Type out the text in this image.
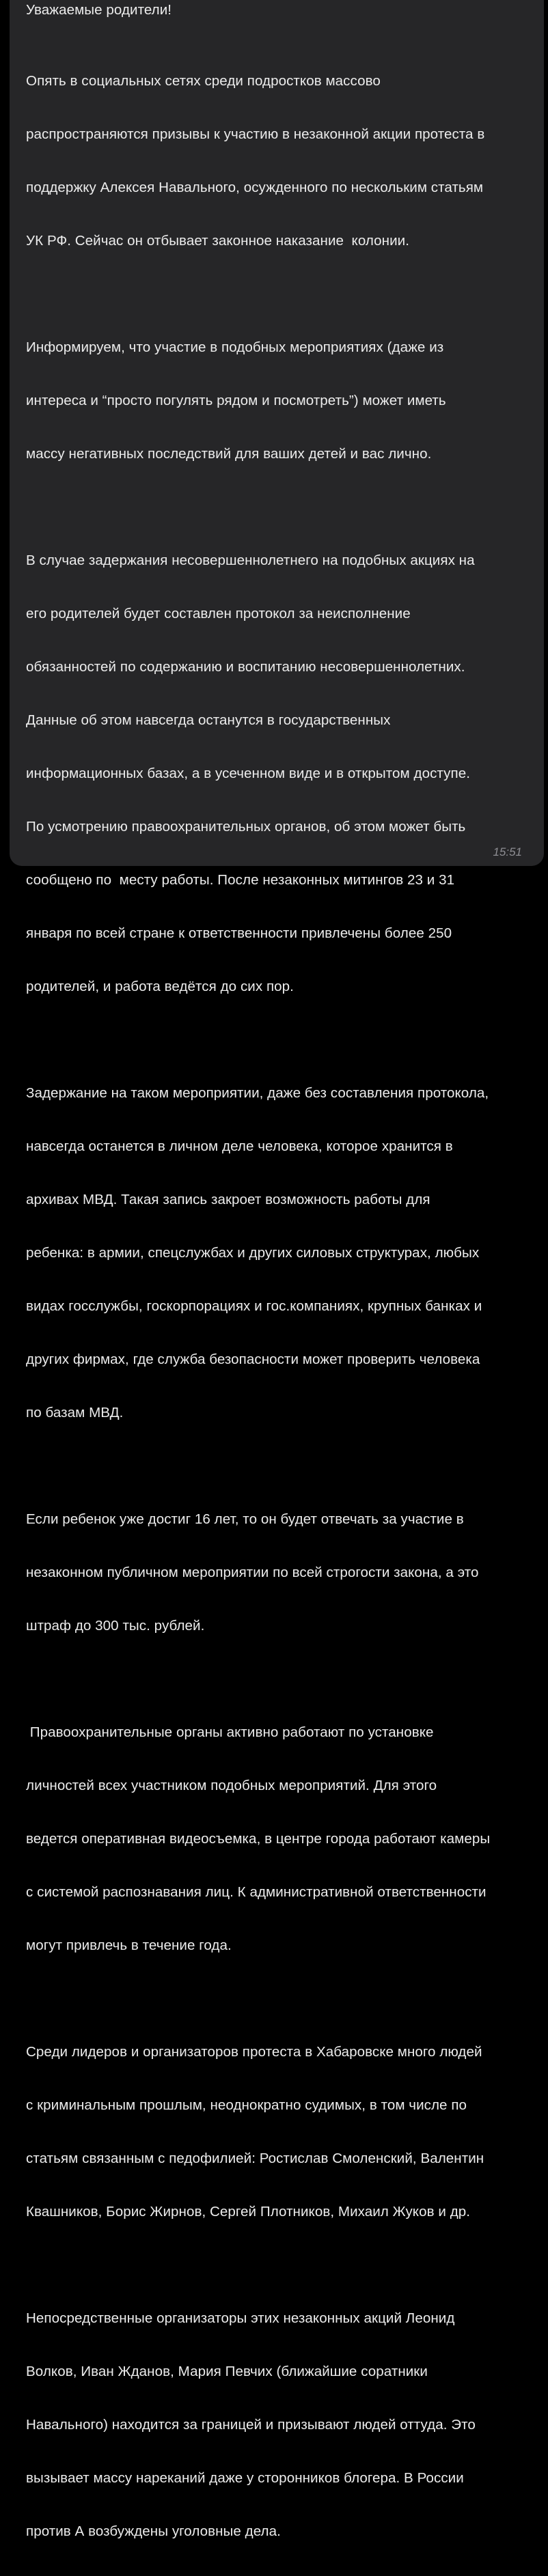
Уважаемые родители!

Опять в социальных сетях среди подростков массово

распространяются призывы к участию в незаконной акции протеста в

поддержку Алексея Навального, осужденного по нескольким статьям

УК РФ. Сейчас он отбывает законное наказание  колонии.

Информируем, что участие в подобных мероприятиях (даже из

интереса и “просто погулять рядом и посмотреть”) может иметь

массу негативных последствий для ваших детей и вас лично.

В случае задержания несовершеннолетнего на подобных акциях на

его родителей будет составлен протокол за неисполнение

обязанностей по содержанию и воспитанию несовершеннолетних.

Данные об этом навсегда останутся в государственных

информационных базах, а в усеченном виде и в открытом доступе.

По усмотрению правоохранительных органов, об этом может быть

сообщено по  месту работы. После незаконных митингов 23 и 31

января по всей стране к ответственности привлечены более 250

родителей, и работа ведётся до сих пор.

Задержание на таком мероприятии, даже без составления протокола,

навсегда останется в личном деле человека, которое хранится в

архивах МВД. Такая запись закроет возможность работы для

ребенка: в армии, спецслужбах и других силовых структурах, любых

видах госслужбы, госкорпорациях и гос.компаниях, крупных банках и

других фирмах, где служба безопасности может проверить человека

по базам МВД.

Если ребенок уже достиг 16 лет, то он будет отвечать за участие в

незаконном публичном мероприятии по всей строгости закона, а это

штраф до 300 тыс. рублей.

Правоохранительные органы активно работают по установке

личностей всех участником подобных мероприятий. Для этого

ведется оперативная видеосъемка, в центре города работают камеры

с системой распознавания лиц. К административной ответственности

могут привлечь в течение года.

Среди лидеров и организаторов протеста в Хабаровске много людей

с криминальным прошлым, неоднократно судимых, в том числе по

статьям связанным с педофилией: Ростислав Смоленский, Валентин

Квашников, Борис Жирнов, Сергей Плотников, Михаил Жуков и др.

Непосредственные организаторы этих незаконных акций Леонид

Волков, Иван Жданов, Мария Певчих (ближайшие соратники

Навального) находится за границей и призывают людей оттуда. Это

вызывает массу нареканий даже у сторонников блогера. В России

против А возбуждены уголовные дела.

15:51
